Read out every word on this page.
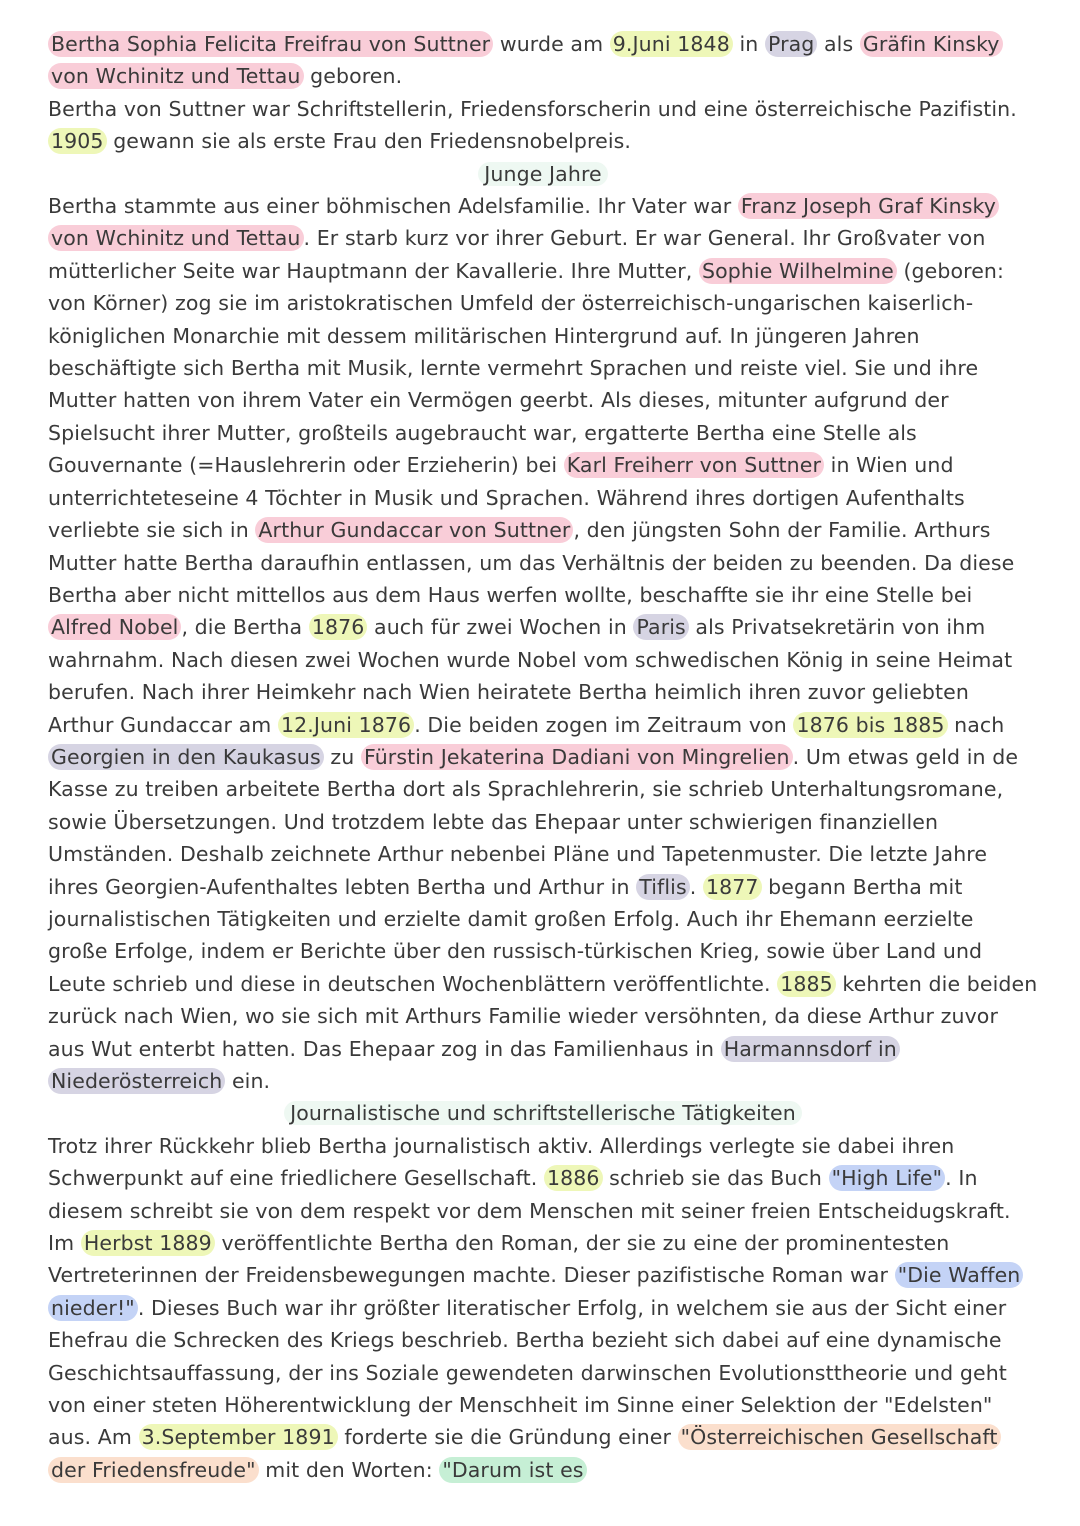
Bertha Sophia Felicita Freifrau von Suttner wurde am 9.Juni 1848 in Prag als Gräfin Kinsky von Wchinitz und Tettau geboren.

Bertha von Suttner war Schriftstellerin, Friedensforscherin und eine österreichische Pazifistin. 1905 gewann sie als erste Frau den Friedensnobelpreis.

Junge Jahre

Bertha stammte aus einer böhmischen Adelsfamilie. Ihr Vater war Franz Joseph Graf Kinsky von Wchinitz und Tettau . Er starb kurz vor ihrer Geburt. Er war General. Ihr Großvater von mütterlicher Seite war Hauptmann der Kavallerie. Ihre Mutter, Sophie Wilhelmine (geboren: von Körner) zog sie im aristokratischen Umfeld der österreichisch-ungarischen kaiserlich-königlichen Monarchie mit dessem militärischen Hintergrund auf. In jüngeren Jahren beschäftigte sich Bertha mit Musik, lernte vermehrt Sprachen und reiste viel. Sie und ihre Mutter hatten von ihrem Vater ein Vermögen geerbt. Als dieses, mitunter aufgrund der Spielsucht ihrer Mutter, großteils augebraucht war, ergatterte Bertha eine Stelle als Gouvernante (=Hauslehrerin oder Erzieherin) bei Karl Freiherr von Suttner in Wien und unterrichteteseine 4 Töchter in Musik und Sprachen. Während ihres dortigen Aufenthalts verliebte sie sich in Arthur Gundaccar von Suttner , den jüngsten Sohn der Familie. Arthurs Mutter hatte Bertha daraufhin entlassen, um das Verhältnis der beiden zu beenden. Da diese Bertha aber nicht mittellos aus dem Haus werfen wollte, beschaffte sie ihr eine Stelle bei Alfred Nobel , die Bertha 1876 auch für zwei Wochen in Paris als Privatsekretärin von ihm wahrnahm. Nach diesen zwei Wochen wurde Nobel vom schwedischen König in seine Heimat berufen. Nach ihrer Heimkehr nach Wien heiratete Bertha heimlich ihren zuvor geliebten Arthur Gundaccar am 12.Juni 1876 . Die beiden zogen im Zeitraum von 1876 bis 1885 nach Georgien in den Kaukasus zu Fürstin Jekaterina Dadiani von Mingrelien . Um etwas geld in de Kasse zu treiben arbeitete Bertha dort als Sprachlehrerin, sie schrieb Unterhaltungsromane, sowie Übersetzungen. Und trotzdem lebte das Ehepaar unter schwierigen finanziellen Umständen. Deshalb zeichnete Arthur nebenbei Pläne und Tapetenmuster. Die letzte Jahre ihres Georgien-Aufenthaltes lebten Bertha und Arthur in Tiflis . 1877 begann Bertha mit journalistischen Tätigkeiten und erzielte damit großen Erfolg. Auch ihr Ehemann eerzielte große Erfolge, indem er Berichte über den russisch-türkischen Krieg, sowie über Land und Leute schrieb und diese in deutschen Wochenblättern veröffentlichte. 1885 kehrten die beiden zurück nach Wien, wo sie sich mit Arthurs Familie wieder versöhnten, da diese Arthur zuvor aus Wut enterbt hatten. Das Ehepaar zog in das Familienhaus in Harmannsdorf in Niederösterreich ein.

Journalistische und schriftstellerische Tätigkeiten

Trotz ihrer Rückkehr blieb Bertha journalistisch aktiv. Allerdings verlegte sie dabei ihren Schwerpunkt auf eine friedlichere Gesellschaft. 1886 schrieb sie das Buch "High Life" . In diesem schreibt sie von dem respekt vor dem Menschen mit seiner freien Entscheidugskraft. Im Herbst 1889 veröffentlichte Bertha den Roman, der sie zu eine der prominentesten Vertreterinnen der Freidensbewegungen machte. Dieser pazifistische Roman war "Die Waffen nieder!" . Dieses Buch war ihr größter literatischer Erfolg, in welchem sie aus der Sicht einer Ehefrau die Schrecken des Kriegs beschrieb. Bertha bezieht sich dabei auf eine dynamische Geschichtsauffassung, der ins Soziale gewendeten darwinschen Evolutionsttheorie und geht von einer steten Höherentwicklung der Menschheit im Sinne einer Selektion der "Edelsten" aus. Am 3.September 1891 forderte sie die Gründung einer "Österreichischen Gesellschaft der Friedensfreude" mit den Worten: "Darum ist es
